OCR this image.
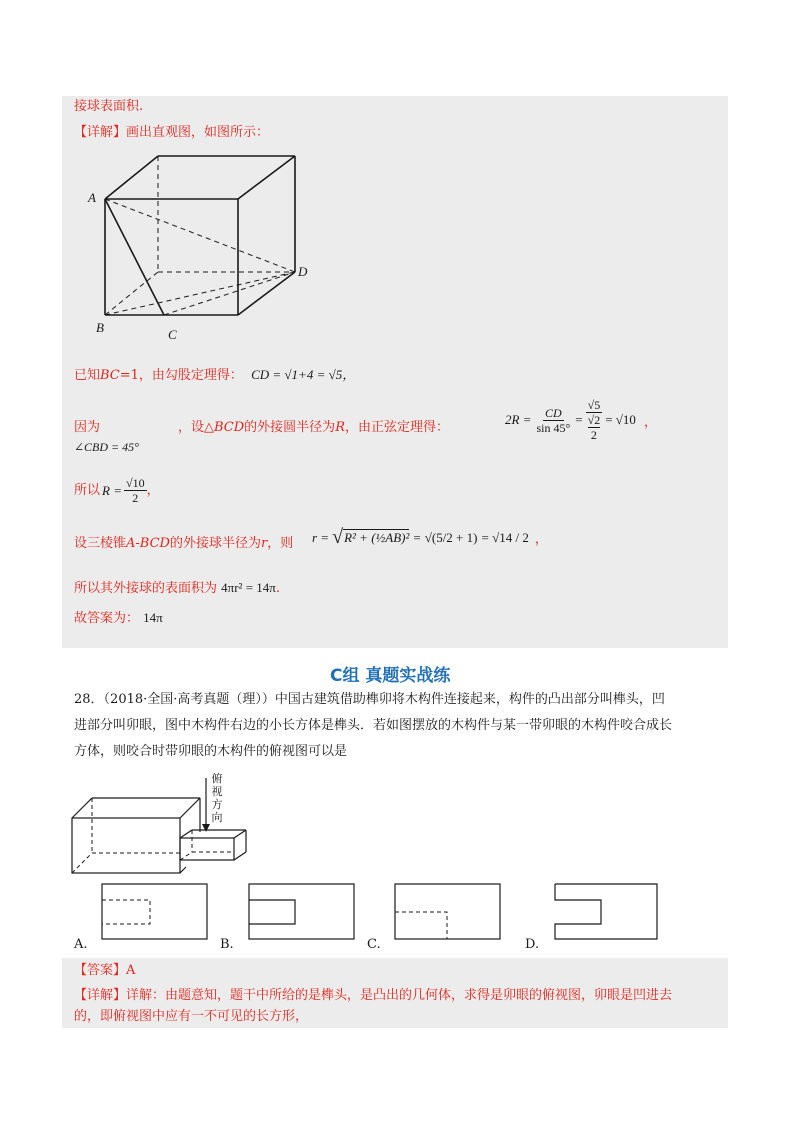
接球表面积.
【详解】画出直观图，如图所示：
A
B	C
D
已知BC=1，由勾股定理得： CD = √1+4 = √5，
因为
∠CBD = 45°
，设△BCD的外接圆半径为R，由正弦定理得：
$2R = \frac{CD}{\sin 45^\circ} = √5$
√2
2 = √10 ，
所以 $R = \frac{√10}{2}$ ，
设三棱锥A-BCD的外接球半径为r，则 r = √ R² + (½AB)² = √(5/2 + 1) = √14 / 2 ，
所以其外接球的表面积为 4πr² = 14π.
故答案为： 14π
C组 真题实战练
28．（2018·全国·高考真题（理））中国古建筑借助榫卯将木构件连接起来，构件的凸出部分叫榫头，凹
进部分叫卯眼，图中木构件右边的小长方体是榫头．若如图摆放的木构件与某一带卯眼的木构件咬合成长
方体，则咬合时带卯眼的木构件的俯视图可以是
俯
视
方
向
A.	B.	C.	D.
【答案】A
【详解】详解：由题意知，题干中所给的是榫头，是凸出的几何体，求得是卯眼的俯视图，卯眼是凹进去
的，即俯视图中应有一不可见的长方形，
